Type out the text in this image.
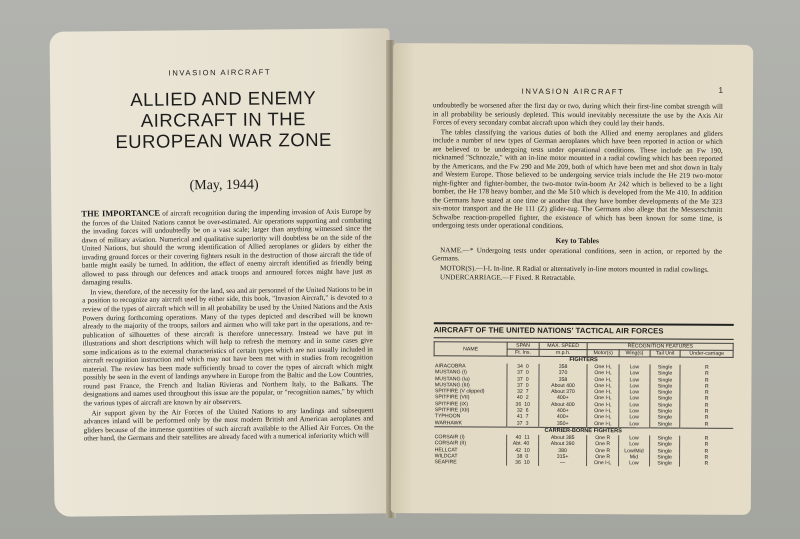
INVASION AIRCRAFT
ALLIED AND ENEMY
AIRCRAFT IN THE
EUROPEAN WAR ZONE
(May, 1944)

THE IMPORTANCE of aircraft recognition during the impending invasion of Axis Europe by the forces of the United Nations cannot be over-estimated. Air operations supporting and combating the invading forces will undoubtedly be on a vast scale; larger than anything witnessed since the dawn of military aviation. Numerical and qualitative superiority will doubtless be on the side of the United Nations, but should the wrong identification of Allied aeroplanes or gliders by either the invading ground forces or their covering fighters result in the destruction of those aircraft the tide of battle might easily be turned. In addition, the effect of enemy aircraft identified as friendly being allowed to pass through our defences and attack troops and armoured forces might have just as damaging results.

In view, therefore, of the necessity for the land, sea and air personnel of the United Nations to be in a position to recognize any aircraft used by either side, this book, "Invasion Aircraft," is devoted to a review of the types of aircraft which will in all probability be used by the United Nations and the Axis Powers during forthcoming operations. Many of the types depicted and described will be known already to the majority of the troops, sailors and airmen who will take part in the operations, and re-publication of silhouettes of these aircraft is therefore unnecessary. Instead we have put in illustrations and short descriptions which will help to refresh the memory and in some cases give some indications as to the external characteristics of certain types which are not usually included in aircraft recognition instruction and which may not have been met with in studies from recognition material. The review has been made sufficiently broad to cover the types of aircraft which might possibly be seen in the event of landings anywhere in Europe from the Baltic and the Low Countries, round past France, the French and Italian Rivieras and Northern Italy, to the Balkans. The designations and names used throughout this issue are the popular, or "recognition names," by which the various types of aircraft are known by air observers.

Air support given by the Air Forces of the United Nations to any landings and subsequent advances inland will be performed only by the most modern British and American aeroplanes and gliders because of the immense quantities of such aircraft available to the Allied Air Forces. On the other hand, the Germans and their satellites are already faced with a numerical inferiority which will

INVASION AIRCRAFT	1

undoubtedly be worsened after the first day or two, during which their first-line combat strength will in all probability be seriously depleted. This would inevitably necessitate the use by the Axis Air Forces of every secondary combat aircraft upon which they could lay their hands.

The tables classifying the various duties of both the Allied and enemy aeroplanes and gliders include a number of new types of German aeroplanes which have been reported in action or which are believed to be undergoing tests under operational conditions. These include an Fw 190, nicknamed "Schnozzle," with an in-line motor mounted in a radial cowling which has been reported by the Americans, and the Fw 290 and Me 209, both of which have been met and shot down in Italy and Western Europe. Those believed to be undergoing service trials include the He 219 two-motor night-fighter and fighter-bomber, the two-motor twin-boom Ar 242 which is believed to be a light bomber, the He 178 heavy bomber, and the Me 510 which is developed from the Me 410. In addition the Germans have stated at one time or another that they have bomber developments of the Me 323 six-motor transport and the He 111 (Z) glider-tug. The Germans also allege that the Messerschmitt Schwalbe reaction-propelled fighter, the existence of which has been known for some time, is undergoing tests under operational conditions.

Key to Tables

NAME.—* Undergoing tests under operational conditions, seen in action, or reported by the Germans.

MOTOR(S).—I-L In-line. R Radial or alternatively in-line motors mounted in radial cowlings.

UNDERCARRIAGE.—F Fixed. R Retractable.

AIRCRAFT OF THE UNITED NATIONS' TACTICAL AIR FORCES
NAME	SPAN	MAX. SPEED	RECOGNITION FEATURES			
	Ft. Ins.	m.p.h.	Motor(s)	Wing(s)	Tail Unit	Under-carriage
FIGHTERS						
AIRACOBRA	34 0	358	One I-L	Low	Single	R
MUSTANG (I)	37 0	370	One I-L	Low	Single	R
MUSTANG (Ia)	37 0	358	One I-L	Low	Single	R
MUSTANG (III)	37 0	About 400	One I-L	Low	Single	R
SPITFIRE (V clipped)	32 7	About 370	One I-L	Low	Single	R
SPITFIRE (VII)	40 2	400+	One I-L	Low	Single	R
SPITFIRE (IX)	36 10	About 400	One I-L	Low	Single	R
SPITFIRE (XII)	32 6	400+	One I-L	Low	Single	R
TYPHOON	41 7	400+	One I-L	Low	Single	R
WARHAWK	37 3	350+	One I-L	Low	Single	R
CARRIER-BORNE FIGHTERS						
CORSAIR (I)	40 11	About 385	One R	Low	Single	R
CORSAIR (II)	Abt. 40	About 390	One R	Low	Single	R
HELLCAT	42 10	380	One R	Low/Mid	Single	R
WILDCAT	38 0	315+	One R	Mid	Single	R
SEAFIRE	36 10	—	One I-L	Low	Single	R
